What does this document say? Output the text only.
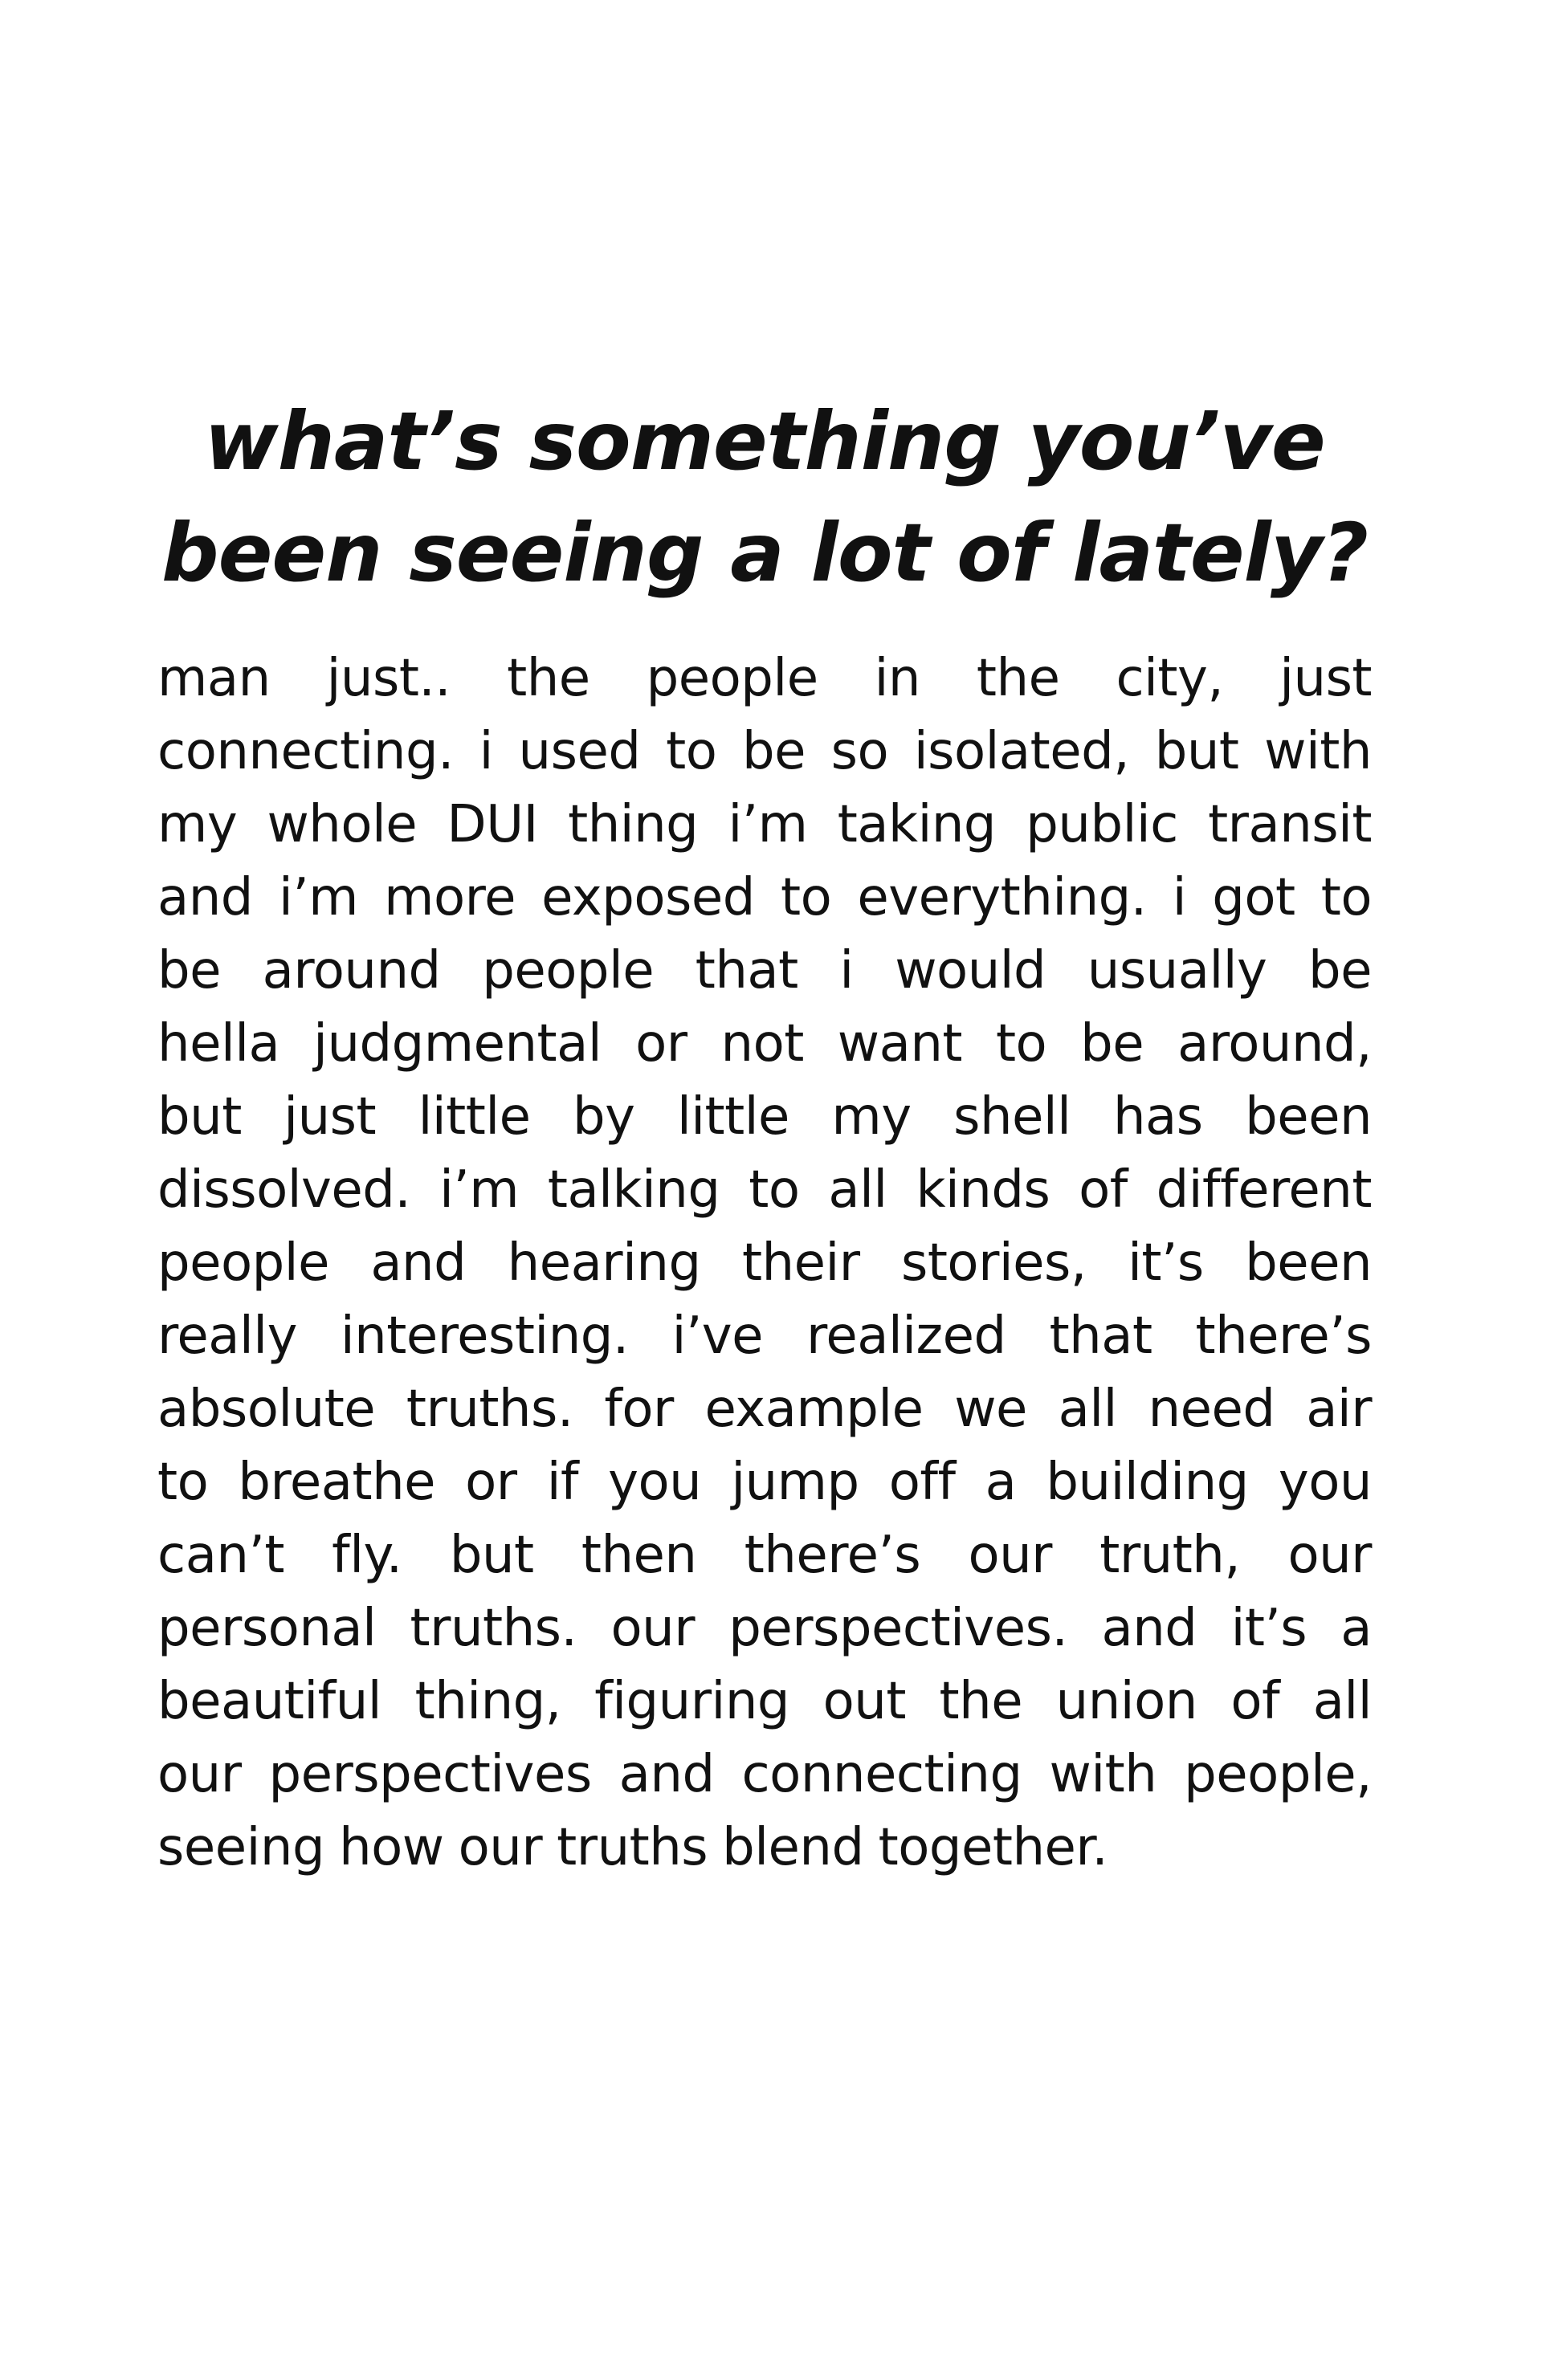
what’s something you’ve
been seeing a lot of lately?
man just.. the people in the city, just
connecting. i used to be so isolated, but with
my whole DUI thing i’m taking public transit
and i’m more exposed to everything. i got to
be around people that i would usually be
hella judgmental or not want to be around,
but just little by little my shell has been
dissolved. i’m talking to all kinds of different
people and hearing their stories, it’s been
really interesting. i’ve realized that there’s
absolute truths. for example we all need air
to breathe or if you jump off a building you
can’t fly. but then there’s our truth, our
personal truths. our perspectives. and it’s a
beautiful thing, figuring out the union of all
our perspectives and connecting with people,
seeing how our truths blend together.
